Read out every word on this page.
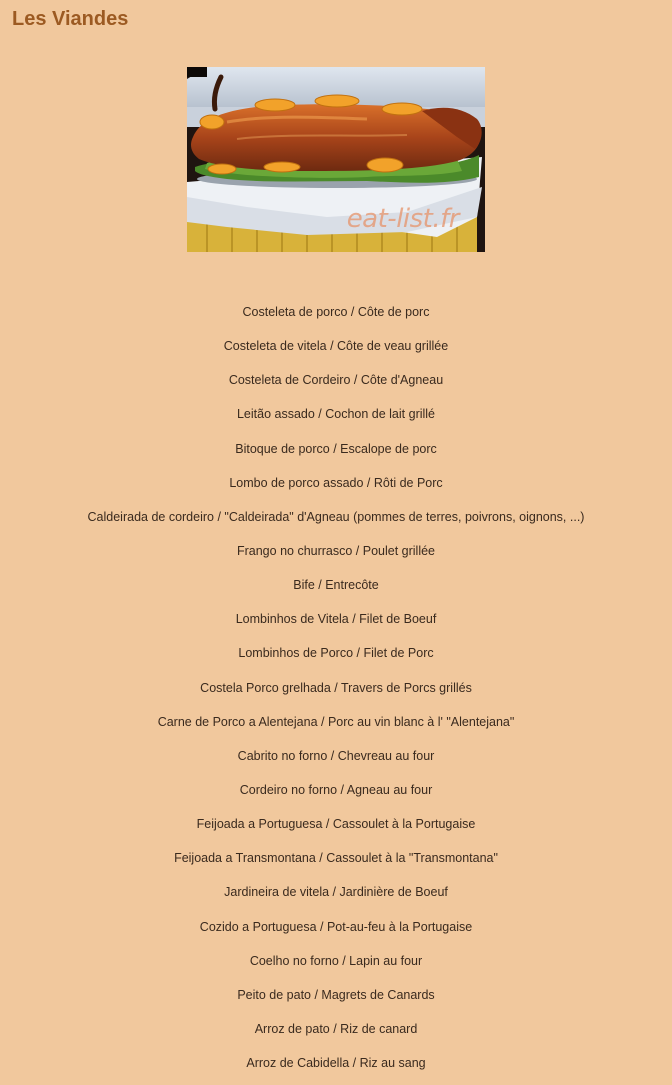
Les Viandes
eat-list.fr
Costeleta de porco / Côte de porc
Costeleta de vitela / Côte de veau grillée
Costeleta de Cordeiro / Côte d'Agneau
Leitão assado / Cochon de lait grillé
Bitoque de porco / Escalope de porc
Lombo de porco assado / Rôti de Porc
Caldeirada de cordeiro / "Caldeirada" d'Agneau (pommes de terres, poivrons, oignons, ...)
Frango no churrasco / Poulet grillée
Bife / Entrecôte
Lombinhos de Vitela / Filet de Boeuf
Lombinhos de Porco / Filet de Porc
Costela Porco grelhada / Travers de Porcs grillés
Carne de Porco a Alentejana / Porc au vin blanc à l' "Alentejana"
Cabrito no forno / Chevreau au four
Cordeiro no forno / Agneau au four
Feijoada a Portuguesa / Cassoulet à la Portugaise
Feijoada a Transmontana / Cassoulet à la "Transmontana"
Jardineira de vitela / Jardinière de Boeuf
Cozido a Portuguesa / Pot-au-feu à la Portugaise
Coelho no forno / Lapin au four
Peito de pato / Magrets de Canards
Arroz de pato / Riz de canard
Arroz de Cabidella / Riz au sang
